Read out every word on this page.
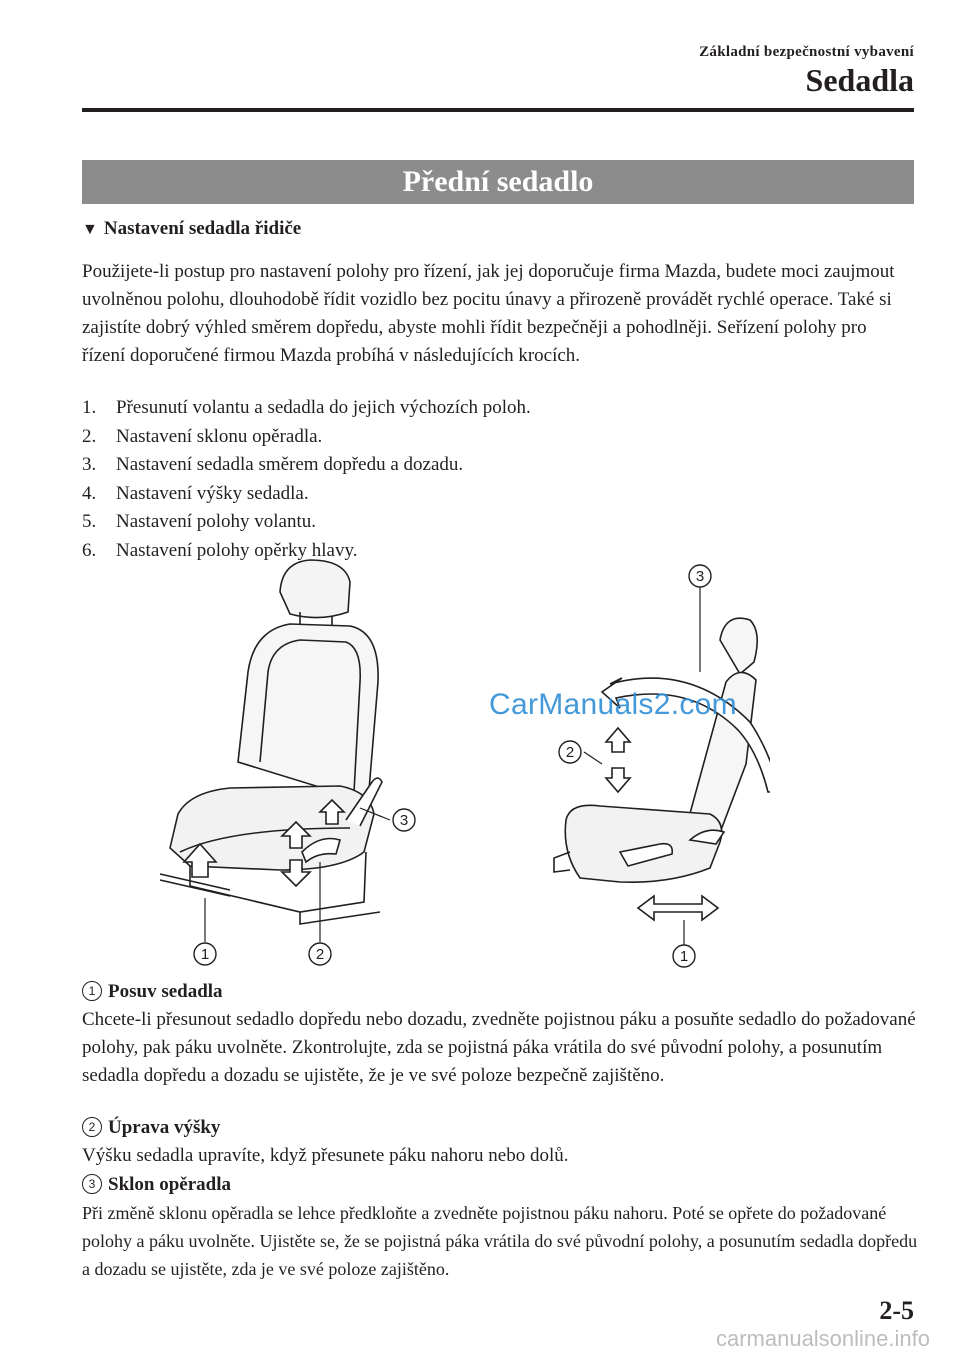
Základní bezpečnostní vybavení
Sedadla
Přední sedadlo
▼ Nastavení sedadla řidiče
Použijete-li postup pro nastavení polohy pro řízení, jak jej doporučuje firma Mazda, budete moci zaujmout uvolněnou polohu, dlouhodobě řídit vozidlo bez pocitu únavy a přirozeně provádět rychlé operace. Také si zajistíte dobrý výhled směrem dopředu, abyste mohli řídit bezpečněji a pohodlněji. Seřízení polohy pro řízení doporučené firmou Mazda probíhá v následujících krocích.
1. Přesunutí volantu a sedadla do jejich výchozích poloh.
2. Nastavení sklonu opěradla.
3. Nastavení sedadla směrem dopředu a dozadu.
4. Nastavení výšky sedadla.
5. Nastavení polohy volantu.
6. Nastavení polohy opěrky hlavy.
1	2
3
3
2
1
CarManuals2.com
1 Posuv sedadla
Chcete-li přesunout sedadlo dopředu nebo dozadu, zvedněte pojistnou páku a posuňte sedadlo do požadované polohy, pak páku uvolněte. Zkontrolujte, zda se pojistná páka vrátila do své původní polohy, a posunutím sedadla dopředu a dozadu se ujistěte, že je ve své poloze bezpečně zajištěno.
2 Úprava výšky
Výšku sedadla upravíte, když přesunete páku nahoru nebo dolů.
3 Sklon opěradla
Při změně sklonu opěradla se lehce předkloňte a zvedněte pojistnou páku nahoru. Poté se opřete do požadované polohy a páku uvolněte. Ujistěte se, že se pojistná páka vrátila do své původní polohy, a posunutím sedadla dopředu a dozadu se ujistěte, zda je ve své poloze zajištěno.
2-5
carmanualsonline.info
